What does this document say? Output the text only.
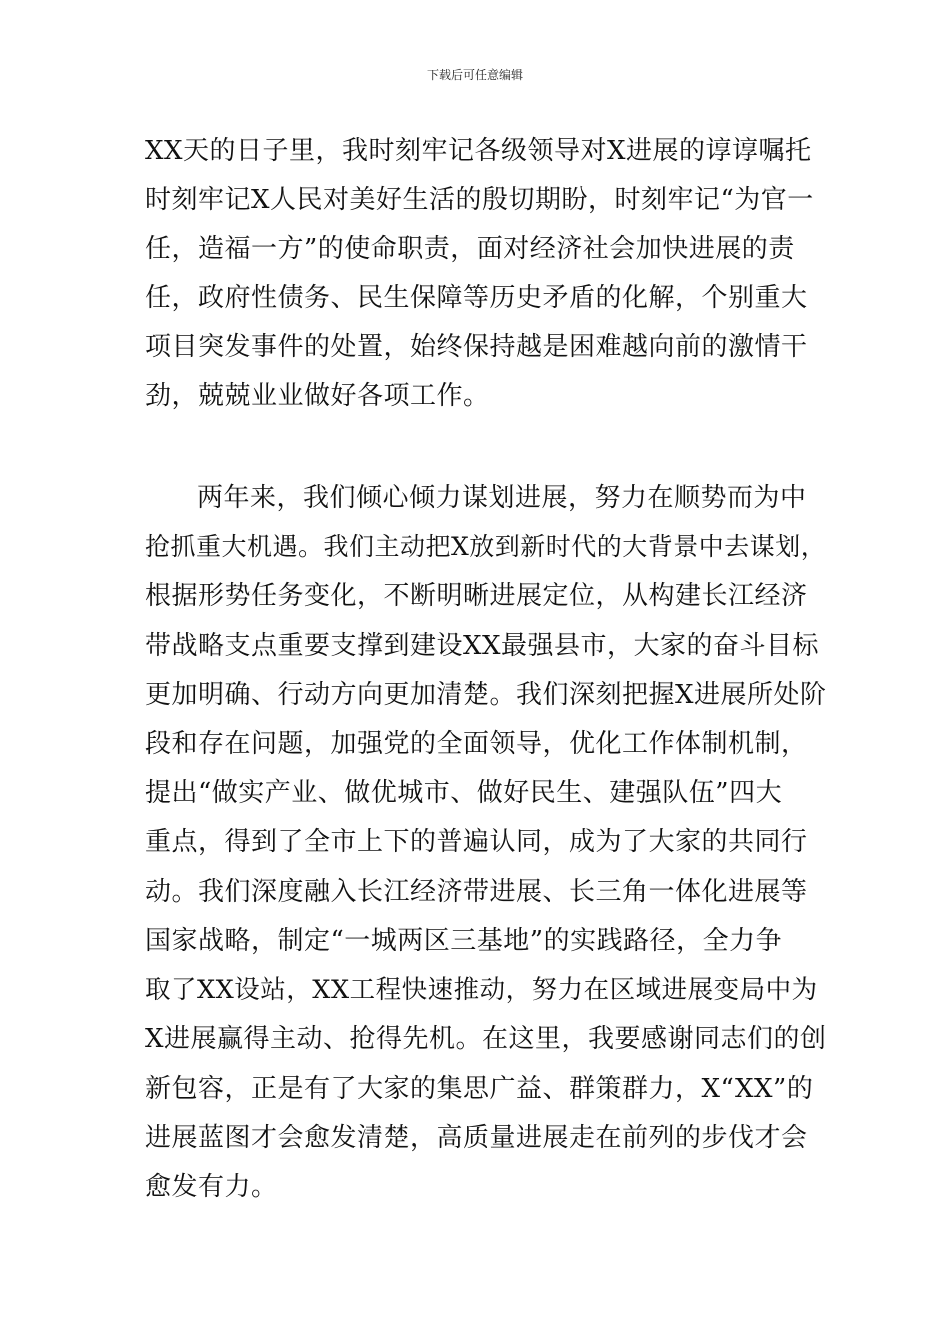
下载后可任意编辑
XX天的日子里，我时刻牢记各级领导对X进展的谆谆嘱托
时刻牢记X人民对美好生活的殷切期盼，时刻牢记“为官一
任，造福一方”的使命职责，面对经济社会加快进展的责
任，政府性债务、民生保障等历史矛盾的化解，个别重大
项目突发事件的处置，始终保持越是困难越向前的激情干
劲，兢兢业业做好各项工作。
两年来，我们倾心倾力谋划进展，努力在顺势而为中
抢抓重大机遇。我们主动把X放到新时代的大背景中去谋划，
根据形势任务变化，不断明晰进展定位，从构建长江经济
带战略支点重要支撑到建设XX最强县市，大家的奋斗目标
更加明确、行动方向更加清楚。我们深刻把握X进展所处阶
段和存在问题，加强党的全面领导，优化工作体制机制，
提出“做实产业、做优城市、做好民生、建强队伍”四大
重点，得到了全市上下的普遍认同，成为了大家的共同行
动。我们深度融入长江经济带进展、长三角一体化进展等
国家战略，制定“一城两区三基地”的实践路径，全力争
取了XX设站，XX工程快速推动，努力在区域进展变局中为
X进展赢得主动、抢得先机。在这里，我要感谢同志们的创
新包容，正是有了大家的集思广益、群策群力，X“XX”的
进展蓝图才会愈发清楚，高质量进展走在前列的步伐才会
愈发有力。
